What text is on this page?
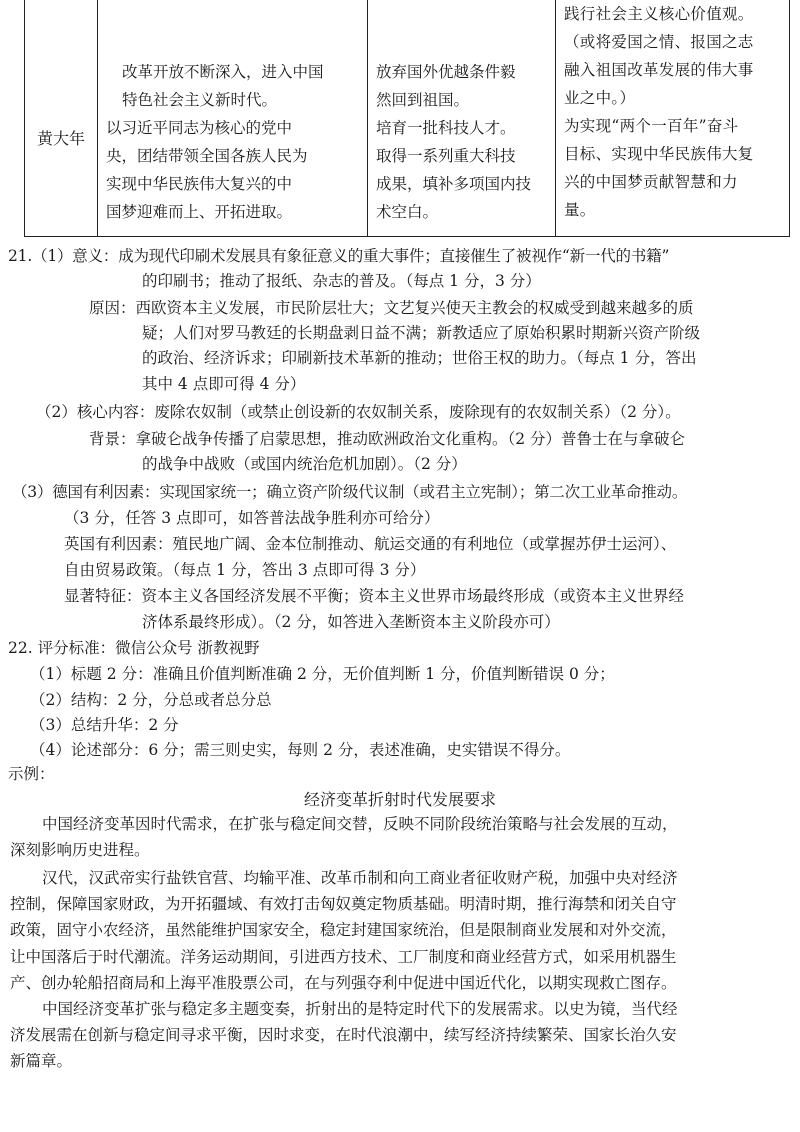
黄大年
改革开放不断深入，进入中国
特色社会主义新时代。
以习近平同志为核心的党中
央，团结带领全国各族人民为
实现中华民族伟大复兴的中
国梦迎难而上、开拓进取。
放弃国外优越条件毅
然回到祖国。
培育一批科技人才。
取得一系列重大科技
成果，填补多项国内技
术空白。
践行社会主义核心价值观。
（或将爱国之情、报国之志
融入祖国改革发展的伟大事
业之中。）
为实现“两个一百年”奋斗
目标、实现中华民族伟大复
兴的中国梦贡献智慧和力
量。
21.（1）意义：成为现代印刷术发展具有象征意义的重大事件；直接催生了被视作“新一代的书籍”
的印刷书；推动了报纸、杂志的普及。（每点 1 分，3 分）
原因：西欧资本主义发展，市民阶层壮大；文艺复兴使天主教会的权威受到越来越多的质
疑；人们对罗马教廷的长期盘剥日益不满；新教适应了原始积累时期新兴资产阶级
的政治、经济诉求；印刷新技术革新的推动；世俗王权的助力。（每点 1 分，答出
其中 4 点即可得 4 分）
（2）核心内容：废除农奴制（或禁止创设新的农奴制关系，废除现有的农奴制关系）（2 分）。
背景：拿破仑战争传播了启蒙思想，推动欧洲政治文化重构。（2 分）普鲁士在与拿破仑
的战争中战败（或国内统治危机加剧）。（2 分）
（3）德国有利因素：实现国家统一；确立资产阶级代议制（或君主立宪制）；第二次工业革命推动。
（3 分，任答 3 点即可，如答普法战争胜利亦可给分）
英国有利因素：殖民地广阔、金本位制推动、航运交通的有利地位（或掌握苏伊士运河）、
自由贸易政策。（每点 1 分，答出 3 点即可得 3 分）
显著特征：资本主义各国经济发展不平衡；资本主义世界市场最终形成（或资本主义世界经
济体系最终形成）。（2 分，如答进入垄断资本主义阶段亦可）
22. 评分标准：微信公众号 浙教视野
（1）标题 2 分：准确且价值判断准确 2 分，无价值判断 1 分，价值判断错误 0 分；
（2）结构：2 分，分总或者总分总
（3）总结升华：2 分
（4）论述部分：6 分；需三则史实，每则 2 分，表述准确，史实错误不得分。
示例：
经济变革折射时代发展要求
中国经济变革因时代需求，在扩张与稳定间交替，反映不同阶段统治策略与社会发展的互动，
深刻影响历史进程。
汉代，汉武帝实行盐铁官营、均输平准、改革币制和向工商业者征收财产税，加强中央对经济
控制，保障国家财政，为开拓疆域、有效打击匈奴奠定物质基础。明清时期，推行海禁和闭关自守
政策，固守小农经济，虽然能维护国家安全，稳定封建国家统治，但是限制商业发展和对外交流，
让中国落后于时代潮流。洋务运动期间，引进西方技术、工厂制度和商业经营方式，如采用机器生
产、创办轮船招商局和上海平准股票公司，在与列强夺利中促进中国近代化，以期实现救亡图存。
中国经济变革扩张与稳定多主题变奏，折射出的是特定时代下的发展需求。以史为镜，当代经
济发展需在创新与稳定间寻求平衡，因时求变，在时代浪潮中，续写经济持续繁荣、国家长治久安
新篇章。
